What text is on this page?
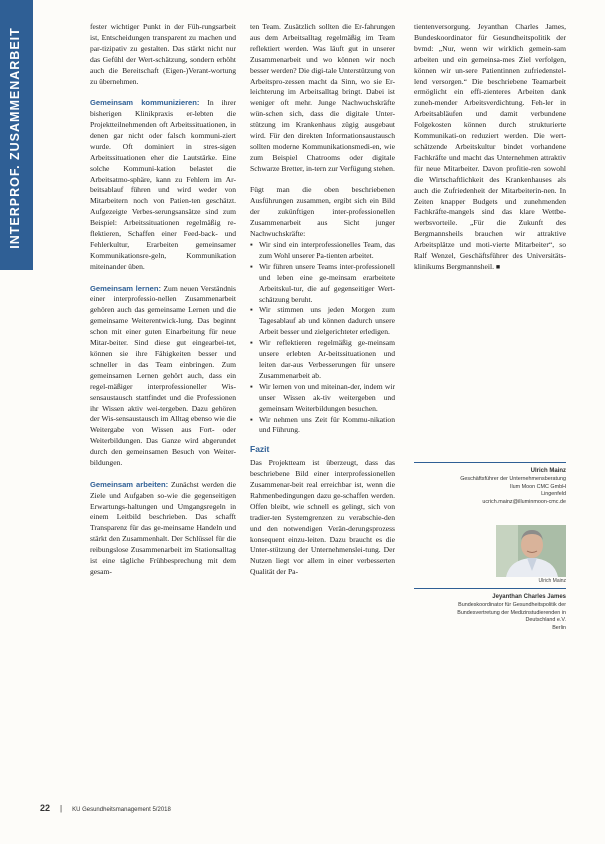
INTERPROF. ZUSAMMENARBEIT

fester wichtiger Punkt in der Füh-rungsarbeit ist, Entscheidungen transparent zu machen und par-tizipativ zu gestalten. Das stärkt nicht nur das Gefühl der Wert-schätzung, sondern erhöht auch die Bereitschaft (Eigen-)Verant-wortung zu übernehmen.

Gemeinsam kommunizieren: In ihrer bisherigen Klinikpraxis er-lebten die Projektteilnehmenden oft Arbeitssituationen, in denen gar nicht oder falsch kommuni-ziert wurde. Oft dominiert in stres-sigen Arbeitssituationen eher die Lautstärke. Eine solche Kommuni-kation belastet die Arbeitsatmo-sphäre, kann zu Fehlern im Ar-beitsablauf führen und wird weder von Mitarbeitern noch von Patien-ten geschätzt. Aufgezeigte Verbes-serungsansätze sind zum Beispiel: Arbeitssituationen regelmäßig re-flektieren, Schaffen einer Feed-back- und Fehlerkultur, Erarbeiten gemeinsamer Kommunikationsre-geln, Kommunikation miteinander üben.

Gemeinsam lernen: Zum neuen Verständnis einer interprofessio-nellen Zusammenarbeit gehören auch das gemeinsame Lernen und die gemeinsame Weiterentwick-lung. Das beginnt schon mit einer guten Einarbeitung für neue Mitar-beiter. Sind diese gut eingearbei-tet, können sie ihre Fähigkeiten besser und schneller in das Team einbringen. Zum gemeinsamen Lernen gehört auch, dass ein regel-mäßiger interprofessioneller Wis-sensaustausch stattfindet und die Professionen ihr Wissen aktiv wei-tergeben. Dazu gehören der Wis-sensaustausch im Alltag ebenso wie die Weitergabe von Wissen aus Fort- oder Weiterbildungen. Das Ganze wird abgerundet durch den gemeinsamen Besuch von Weiter-bildungen.

Gemeinsam arbeiten: Zunächst werden die Ziele und Aufgaben so-wie die gegenseitigen Erwartungs-haltungen und Umgangsregeln in einem Leitbild beschrieben. Das schafft Transparenz für das ge-meinsame Handeln und stärkt den Zusammenhalt. Der Schlüssel für die reibungslose Zusammenarbeit im Stationsalltag ist eine tägliche Frühbesprechung mit dem gesam-

ten Team. Zusätzlich sollten die Er-fahrungen aus dem Arbeitsalltag regelmäßig im Team reflektiert werden. Was läuft gut in unserer Zusammenarbeit und wo können wir noch besser werden? Die digi-tale Unterstützung von Arbeitspro-zessen macht da Sinn, wo sie Er-leichterung im Arbeitsalltag bringt. Dabei ist weniger oft mehr. Junge Nachwuchskräfte wün-schen sich, dass die digitale Unter-stützung im Krankenhaus zügig ausgebaut wird. Für den direkten Informationsaustausch sollten moderne Kommunikationsmedi-en, wie zum Beispiel Chatrooms oder digitale Schwarze Bretter, in-tern zur Verfügung stehen.

Fügt man die oben beschriebenen Ausführungen zusammen, ergibt sich ein Bild der zukünftigen inter-professionellen Zusammenarbeit aus Sicht junger Nachwuchskräfte:

▪ Wir sind ein interprofessionelles Team, das zum Wohl unserer Pa-tienten arbeitet.
▪ Wir führen unsere Teams inter-professionell und leben eine ge-meinsam erarbeitete Arbeitskul-tur, die auf gegenseitiger Wert-schätzung beruht.
▪ Wir stimmen uns jeden Morgen zum Tagesablauf ab und können dadurch unsere Arbeit besser und zielgerichteter erledigen.
▪ Wir reflektieren regelmäßig ge-meinsam unsere erlebten Ar-beitssituationen und leiten dar-aus Verbesserungen für unsere Zusammenarbeit ab.
▪ Wir lernen von und miteinan-der, indem wir unser Wissen ak-tiv weitergeben und gemeinsam Weiterbildungen besuchen.
▪ Wir nehmen uns Zeit für Kommu-nikation und Führung.
Fazit

Das Projektteam ist überzeugt, dass das beschriebene Bild einer interprofessionellen Zusammenar-beit real erreichbar ist, wenn die Rahmenbedingungen dazu ge-schaffen werden. Offen bleibt, wie schnell es gelingt, sich von tradier-ten Systemgrenzen zu verabschie-den und den notwendigen Verän-derungsprozess konsequent einzu-leiten. Dazu braucht es die Unter-stützung der Unternehmenslei-tung. Der Nutzen liegt vor allem in einer verbesserten Qualität der Pa-

tientenversorgung. Jeyanthan Charles James, Bundeskoordinator für Gesundheitspolitik der bvmd: „Nur, wenn wir wirklich gemein-sam arbeiten und ein gemeinsa-mes Ziel verfolgen, können wir un-sere Patientinnen zufriedenstel-lend versorgen.“ Die beschriebene Teamarbeit ermöglicht ein effi-zienteres Arbeiten dank zuneh-mender Arbeitsverdichtung. Feh-ler in Arbeitsabläufen und damit verbundene Folgekosten können durch strukturierte Kommunikati-on reduziert werden. Die wert-schätzende Arbeitskultur bindet vorhandene Fachkräfte und macht das Unternehmen attraktiv für neue Mitarbeiter. Davon profitie-ren sowohl die Wirtschaftlichkeit des Krankenhauses als auch die Zufriedenheit der Mitarbeiterin-nen. In Zeiten knapper Budgets und zunehmenden Fachkräfte-mangels sind das klare Wettbe-werbsvorteile. „Für die Zukunft des Bergmannsheils brauchen wir attraktive Arbeitsplätze und moti-vierte Mitarbeiter“, so Ralf Wenzel, Geschäftsführer des Universitäts-klinikums Bergmannsheil. ■

Ulrich Mainz
Geschäftsführer der Unternehmensberatung
Ilum Moon CMC GmbH
Lingenfeld
ucrich.mainz@illuminmoon-cmc.de
Ulrich Mainz
Jeyanthan Charles James
Bundeskoordinator für Gesundheitspolitik der
Bundesvertretung der Medizinstudierenden in
Deutschland e.V.
Berlin
22 | KU Gesundheitsmanagement 5/2018
